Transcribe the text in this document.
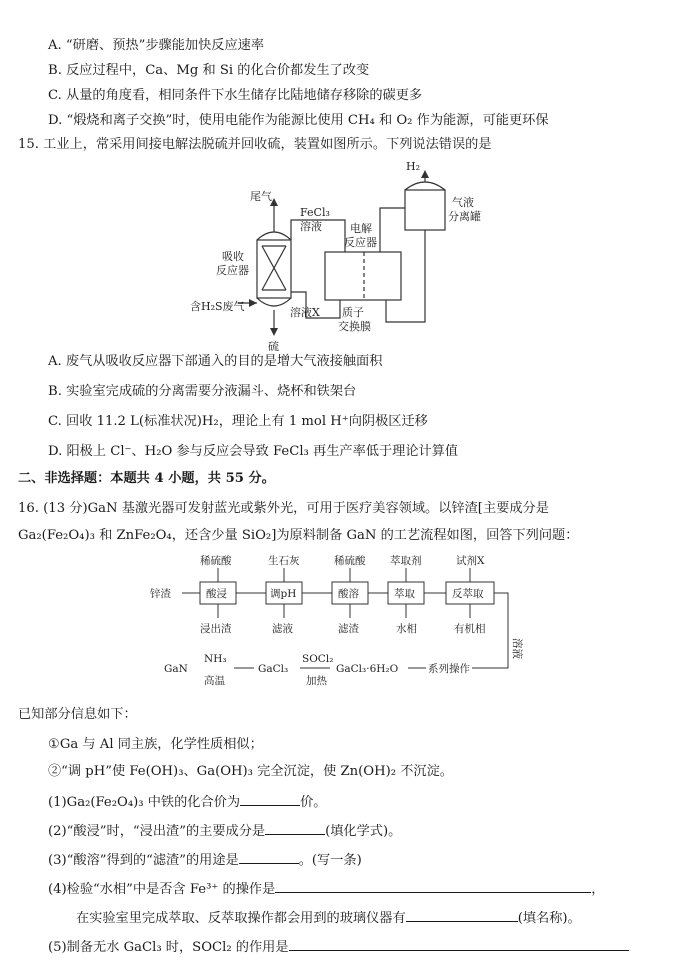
A. “研磨、预热”步骤能加快反应速率
B. 反应过程中，Ca、Mg 和 Si 的化合价都发生了改变
C. 从量的角度看，相同条件下水生储存比陆地储存移除的碳更多
D. “煅烧和离子交换”时，使用电能作为能源比使用 CH₄ 和 O₂ 作为能源，可能更环保
15. 工业上，常采用间接电解法脱硫并回收硫，装置如图所示。下列说法错误的是
尾气
吸收
反应器
含H₂S废气
FeCl₃
溶液	电解
反应器
H₂
气液
分离罐
溶液X 质子
交换膜
硫
A. 废气从吸收反应器下部通入的目的是增大气液接触面积
B. 实验室完成硫的分离需要分液漏斗、烧杯和铁架台
C. 回收 11.2 L(标准状况)H₂，理论上有 1 mol H⁺向阴极区迁移
D. 阳极上 Cl⁻、H₂O 参与反应会导致 FeCl₃ 再生产率低于理论计算值
二、非选择题：本题共 4 小题，共 55 分。
16. (13 分)GaN 基激光器可发射蓝光或紫外光，可用于医疗美容领域。以锌渣[主要成分是
Ga₂(Fe₂O₄)₃ 和 ZnFe₂O₄，还含少量 SiO₂]为原料制备 GaN 的工艺流程如图，回答下列问题：
锌渣
稀硫酸	生石灰	稀硫酸 萃取剂	试剂X
酸浸	调pH	酸溶	萃取	反萃取
浸出渣	滤液	滤渣	水相	有机相
溶液
系列操作
GaCl₃·6H₂O
SOCl₂
加热
GaCl₃
NH₃
高温
GaN
已知部分信息如下：
①Ga 与 Al 同主族，化学性质相似；
②“调 pH”使 Fe(OH)₃、Ga(OH)₃ 完全沉淀，使 Zn(OH)₂ 不沉淀。
(1)Ga₂(Fe₂O₄)₃ 中铁的化合价为	价。
(2)“酸浸”时，“浸出渣”的主要成分是	(填化学式)。
(3)“酸溶”得到的“滤渣”的用途是	。(写一条)
(4)检验“水相”中是否含 Fe³⁺ 的操作是	，
在实验室里完成萃取、反萃取操作都会用到的玻璃仪器有	(填名称)。
(5)制备无水 GaCl₃ 时，SOCl₂ 的作用是
